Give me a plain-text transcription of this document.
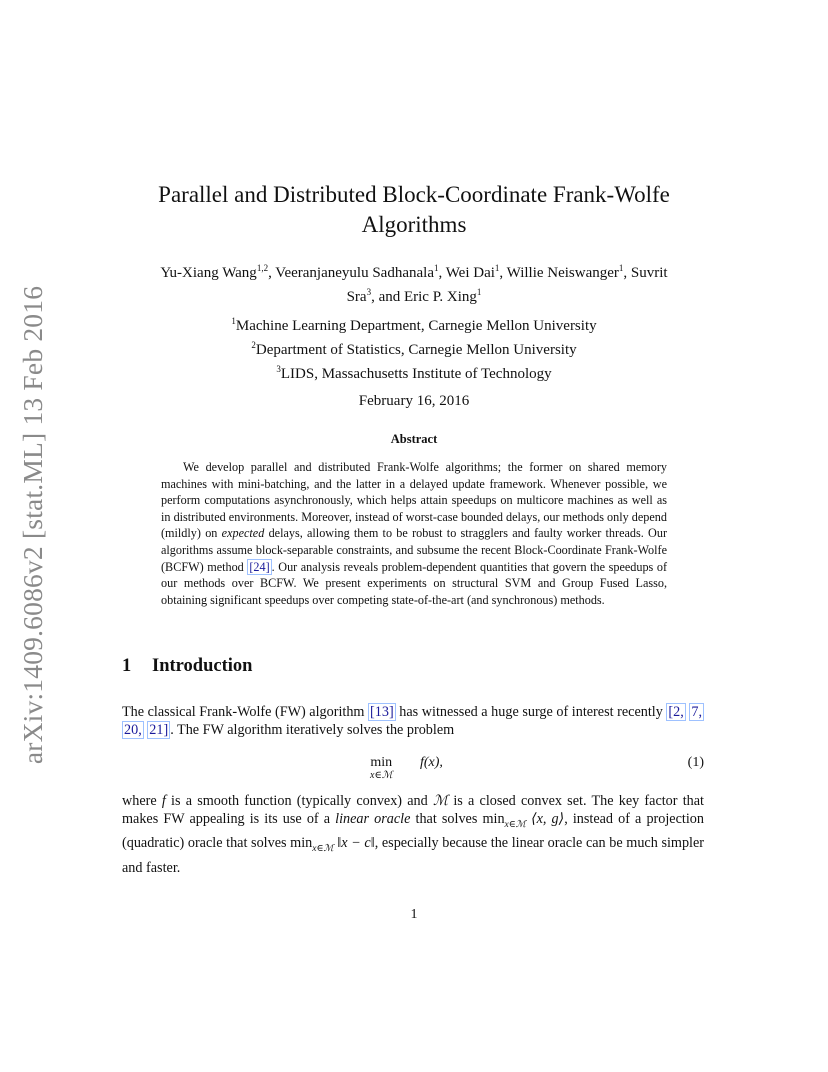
arXiv:1409.6086v2 [stat.ML] 13 Feb 2016
Parallel and Distributed Block-Coordinate Frank-Wolfe
Algorithms
Yu-Xiang Wang$^{1,2}$, Veeranjaneyulu Sadhanala$^1$, Wei Dai$^1$, Willie Neiswanger$^1$, Suvrit
Sra$^3$, and Eric P. Xing$^1$
$^1$Machine Learning Department, Carnegie Mellon University
$^2$Department of Statistics, Carnegie Mellon University
$^3$LIDS, Massachusetts Institute of Technology
February 16, 2016
Abstract

We develop parallel and distributed Frank-Wolfe algorithms; the former on shared memory machines with mini-batching, and the latter in a delayed update framework. Whenever possible, we perform computations asynchronously, which helps attain speedups on multicore machines as well as in distributed environments. Moreover, instead of worst-case bounded delays, our methods only depend (mildly) on expected delays, allowing them to be robust to stragglers and faulty worker threads. Our algorithms assume block-separable constraints, and subsume the recent Block-Coordinate Frank-Wolfe (BCFW) method [24] . Our analysis reveals problem-dependent quantities that govern the speedups of our methods over BCFW. We present experiments on structural SVM and Group Fused Lasso, obtaining significant speedups over competing state-of-the-art (and synchronous) methods.

1 Introduction

The classical Frank-Wolfe (FW) algorithm [13] has witnessed a huge surge of interest recently [2, 7, 20, 21] . The FW algorithm iteratively solves the problem

min
x∈ℳ
f(x),	(1)

where f is a smooth function (typically convex) and ℳ is a closed convex set. The key factor that makes FW appealing is its use of a linear oracle that solves $\min_{x\in ℳ}$ ⟨x, g⟩, instead of a projection (quadratic) oracle that solves $\min_{x\in ℳ}$ ‖x − c‖, especially because the linear oracle can be much simpler and faster.

1
